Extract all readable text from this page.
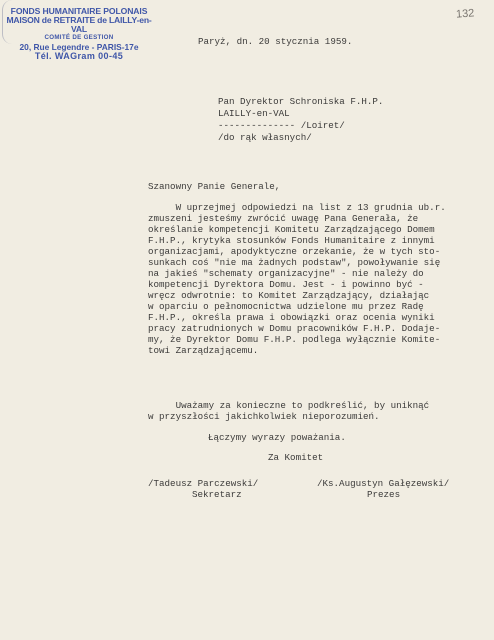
FONDS HUMANITAIRE POLONAIS
MAISON de RETRAITE de LAILLY-en-VAL
COMITÉ DE GESTION
20, Rue Legendre - PARIS-17e
Tél. WAGram 00-45
132
Paryż, dn. 20 stycznia 1959.
Pan Dyrektor Schroniska F.H.P.
LAILLY-en-VAL
-------------- /Loiret/
/do rąk własnych/
Szanowny Panie Generale,
W uprzejmej odpowiedzi na list z 13 grudnia ub.r.
zmuszeni jesteśmy zwrócić uwagę Pana Generała, że
określanie kompetencji Komitetu Zarządzającego Domem
F.H.P., krytyka stosunków Fonds Humanitaire z innymi
organizacjami, apodyktyczne orzekanie, że w tych sto-
sunkach coś "nie ma żadnych podstaw", powoływanie się
na jakieś "schematy organizacyjne" - nie należy do
kompetencji Dyrektora Domu. Jest - i powinno być -
wręcz odwrotnie: to Komitet Zarządzający, działając
w oparciu o pełnomocnictwa udzielone mu przez Radę
F.H.P., określa prawa i obowiązki oraz ocenia wyniki
pracy zatrudnionych w Domu pracowników F.H.P. Dodaje-
my, że Dyrektor Domu F.H.P. podlega wyłącznie Komite-
towi Zarządzającemu.
Uważamy za konieczne to podkreślić, by uniknąć
w przyszłości jakichkolwiek nieporozumień.
Łączymy wyrazy poważania.
Za Komitet
/Tadeusz Parczewski/
Sekretarz
/Ks.Augustyn Gałęzewski/
Prezes
